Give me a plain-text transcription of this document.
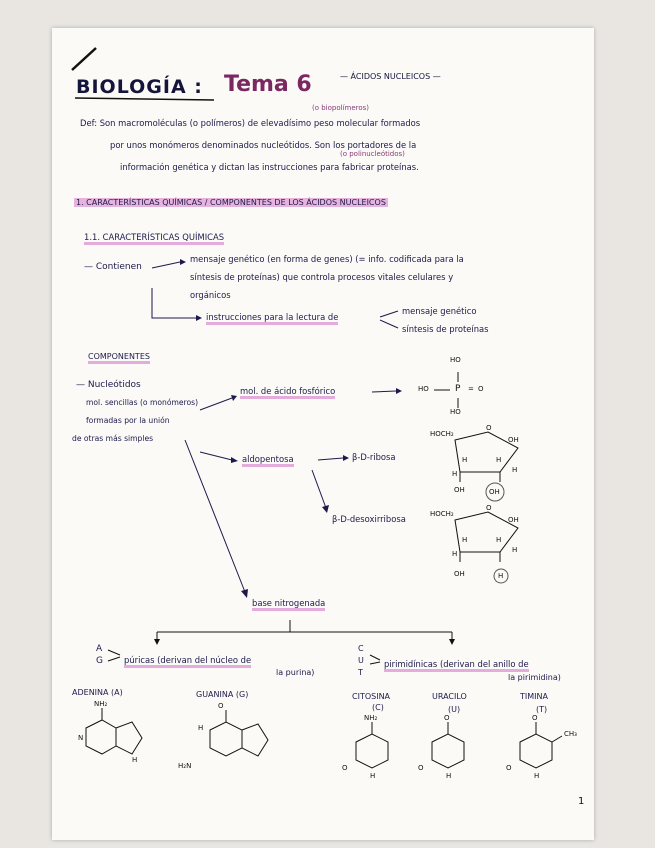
BIOLOGÍA : Tema 6	— ÁCIDOS NUCLEICOS —
(o biopolímeros)
Def: Son macromoléculas (o polímeros) de elevadísimo peso molecular formados
por unos monómeros denominados nucleótidos. Son los portadores de la
(o polinucleótidos)
información genética y dictan las instrucciones para fabricar proteínas.
1. CARACTERÍSTICAS QUÍMICAS / COMPONENTES DE LOS ÁCIDOS NUCLEICOS
1.1. CARACTERÍSTICAS QUÍMICAS
— Contienen
mensaje genético (en forma de genes) (= info. codificada para la
síntesis de proteínas) que controla procesos vitales celulares y
orgánicos
instrucciones para la lectura de
mensaje genético
síntesis de proteínas
COMPONENTES
— Nucleótidos
mol. sencillas (o monómeros)
formadas por la unión
de otras más simples
mol. de ácido fosfórico
aldopentosa	β-D-ribosa
β-D-desoxirribosa
base nitrogenada
A
G	púricas (derivan del núcleo de
la purina)
C
U
T
pirimidínicas (derivan del anillo de
la pirimidina)
HO
HO	P = O
HO
HOCH₂
O
OH
H	H
H
H
OH	OH
HOCH₂
O
OH
H	H
H
H
OH	H
ADENINA (A)	GUANINA (G)	CITOSINA
(C)
URACILO
(U)
TIMINA
(T)
NH₂
N
H
O
H₂N
H
NH₂
O
H
O
O
H
O
CH₃
O
H
1
